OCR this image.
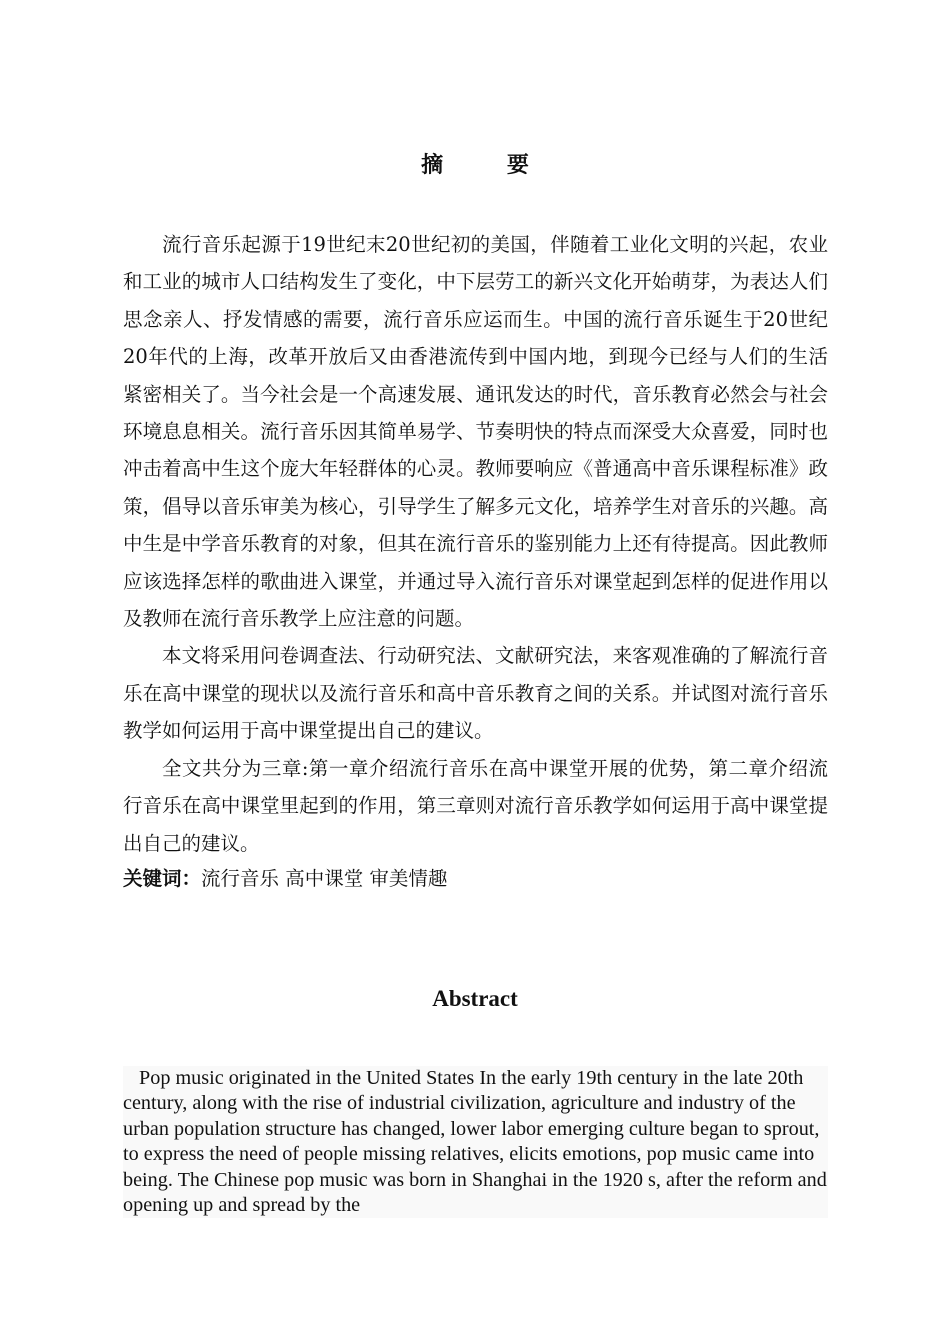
摘 要

流行音乐起源于19世纪末20世纪初的美国，伴随着工业化文明的兴起，农业和工业的城市人口结构发生了变化，中下层劳工的新兴文化开始萌芽，为表达人们思念亲人、抒发情感的需要，流行音乐应运而生。中国的流行音乐诞生于20世纪20年代的上海，改革开放后又由香港流传到中国内地，到现今已经与人们的生活紧密相关了。当今社会是一个高速发展、通讯发达的时代，音乐教育必然会与社会环境息息相关。流行音乐因其简单易学、节奏明快的特点而深受大众喜爱，同时也冲击着高中生这个庞大年轻群体的心灵。教师要响应《普通高中音乐课程标准》政策，倡导以音乐审美为核心，引导学生了解多元文化，培养学生对音乐的兴趣。高中生是中学音乐教育的对象，但其在流行音乐的鉴别能力上还有待提高。因此教师应该选择怎样的歌曲进入课堂，并通过导入流行音乐对课堂起到怎样的促进作用以及教师在流行音乐教学上应注意的问题。

本文将采用问卷调查法、行动研究法、文献研究法，来客观准确的了解流行音乐在高中课堂的现状以及流行音乐和高中音乐教育之间的关系。并试图对流行音乐教学如何运用于高中课堂提出自己的建议。

全文共分为三章:第一章介绍流行音乐在高中课堂开展的优势，第二章介绍流行音乐在高中课堂里起到的作用，第三章则对流行音乐教学如何运用于高中课堂提出自己的建议。

关键词：流行音乐 高中课堂 审美情趣

Abstract

Pop music originated in the United States In the early 19th century in the late 20th century, along with the rise of industrial civilization, agriculture and industry of the urban population structure has changed, lower labor emerging culture began to sprout, to express the need of people missing relatives, elicits emotions, pop music came into being. The Chinese pop music was born in Shanghai in the 1920 s, after the reform and opening up and spread by the
